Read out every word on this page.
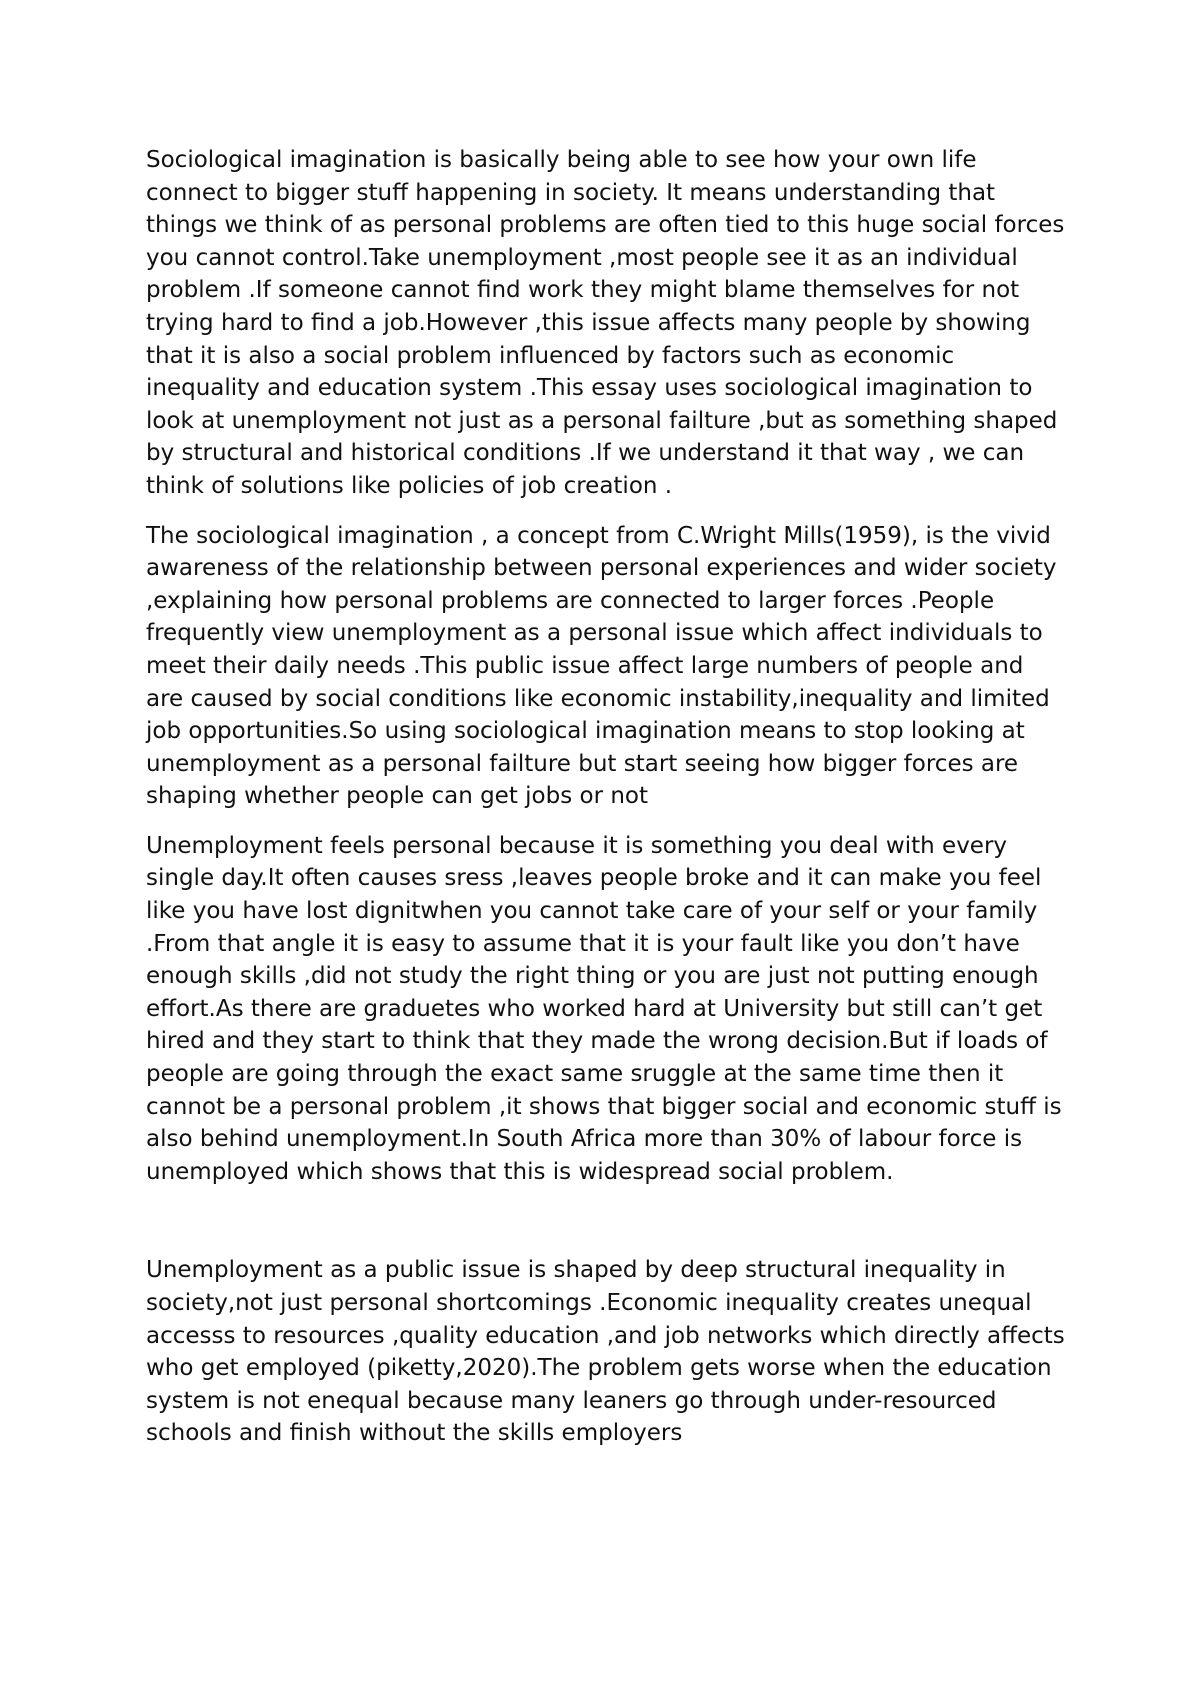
Sociological imagination is basically being able to see how your own life connect to bigger stuff happening in society. It means understanding that things we think of as personal problems are often tied to this huge social forces you cannot control.Take unemployment ,most people see it as an individual problem .If someone cannot find work they might blame themselves for not trying hard to find a job.However ,this issue affects many people by showing that it is also a social problem influenced by factors such as economic inequality and education system .This essay uses sociological imagination to look at unemployment not just as a personal failture ,but as something shaped by structural and historical conditions .If we understand it that way , we can think of solutions like policies of job creation .

The sociological imagination , a concept from C.Wright Mills(1959), is the vivid awareness of the relationship between personal experiences and wider society ,explaining how personal problems are connected to larger forces .People frequently view unemployment as a personal issue which affect individuals to meet their daily needs .This public issue affect large numbers of people and are caused by social conditions like economic instability,inequality and limited job opportunities.So using sociological imagination means to stop looking at unemployment as a personal failture but start seeing how bigger forces are shaping whether people can get jobs or not

Unemployment feels personal because it is something you deal with every single day.It often causes sress ,leaves people broke and it can make you feel like you have lost dignitwhen you cannot take care of your self or your family .From that angle it is easy to assume that it is your fault like you don’t have enough skills ,did not study the right thing or you are just not putting enough effort.As there are graduetes who worked hard at University but still can’t get hired and they start to think that they made the wrong decision.But if loads of people are going through the exact same sruggle at the same time then it cannot be a personal problem ,it shows that bigger social and economic stuff is also behind unemployment.In South Africa more than 30% of labour force is unemployed which shows that this is widespread social problem.

Unemployment as a public issue is shaped by deep structural inequality in society,not just personal shortcomings .Economic inequality creates unequal accesss to resources ,quality education ,and job networks which directly affects who get employed (piketty,2020).The problem gets worse when the education system is not enequal because many leaners go through under-resourced schools and finish without the skills employers
